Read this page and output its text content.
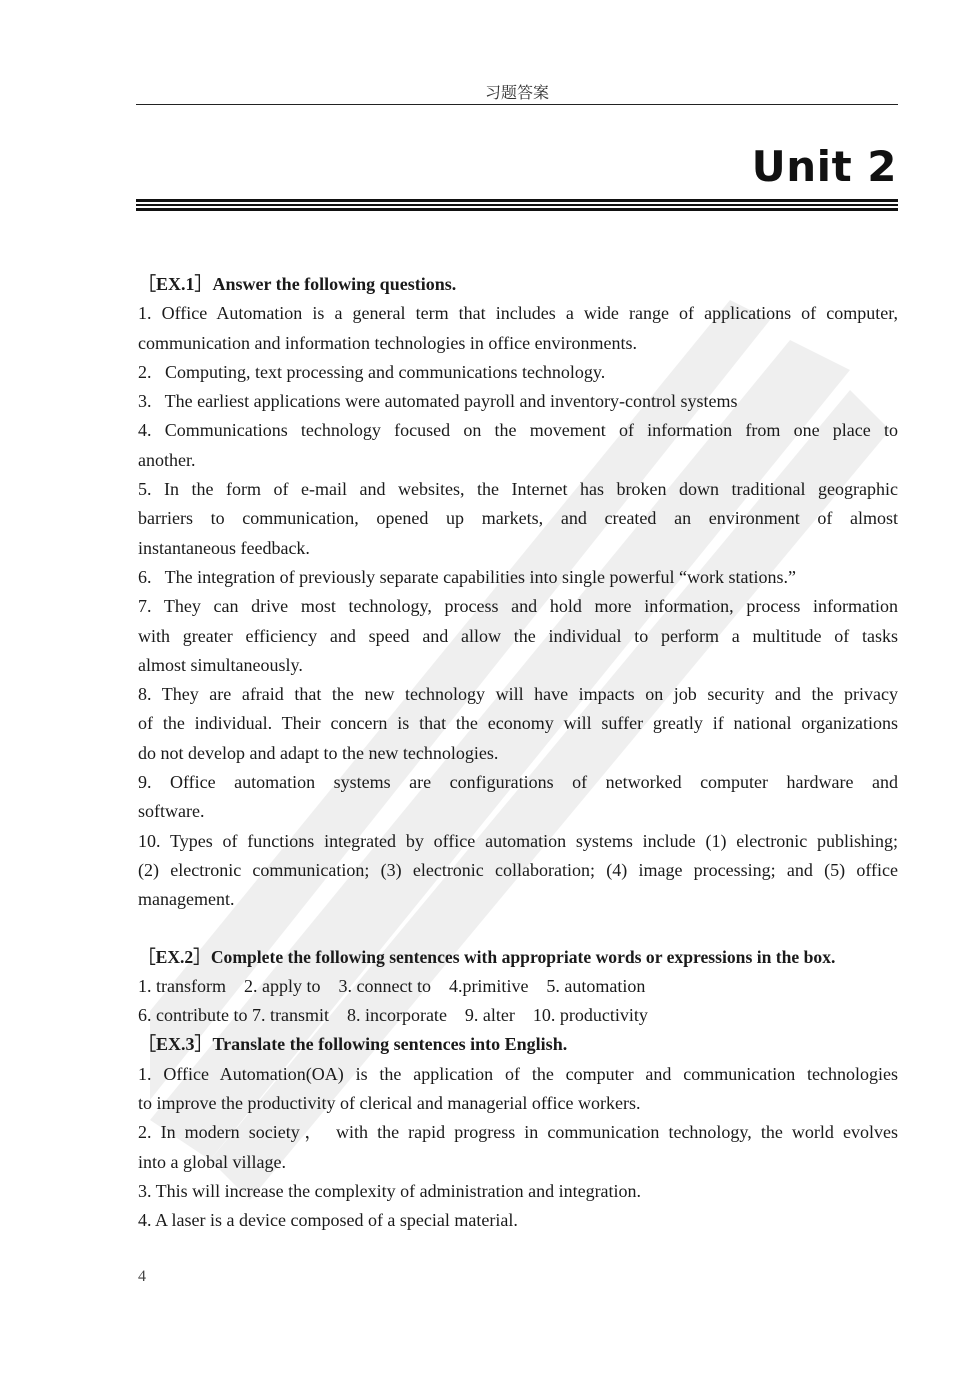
习题答案
Unit 2
［EX.1］Answer the following questions.
1. Office Automation is a general term that includes a wide range of applications of computer,
communication and information technologies in office environments.
2.   Computing, text processing and communications technology.
3.   The earliest applications were automated payroll and inventory-control systems
4. Communications technology focused on the movement of information from one place to
another.
5. In the form of e-mail and websites, the Internet has broken down traditional geographic
barriers to communication, opened up markets, and created an environment of almost
instantaneous feedback.
6.   The integration of previously separate capabilities into single powerful “work stations.”
7. They can drive most technology, process and hold more information, process information
with greater efficiency and speed and allow the individual to perform a multitude of tasks
almost simultaneously.
8. They are afraid that the new technology will have impacts on job security and the privacy
of the individual. Their concern is that the economy will suffer greatly if national organizations
do not develop and adapt to the new technologies.
9. Office automation systems are configurations of networked computer hardware and
software.
10. Types of functions integrated by office automation systems include (1) electronic publishing;
(2) electronic communication; (3) electronic collaboration; (4) image processing; and (5) office
management.
［EX.2］Complete the following sentences with appropriate words or expressions in the box.
1. transform    2. apply to    3. connect to    4.primitive    5. automation
6. contribute to 7. transmit    8. incorporate    9. alter    10. productivity
［EX.3］Translate the following sentences into English.
1. Office Automation(OA) is the application of the computer and communication technologies
to improve the productivity of clerical and managerial office workers.
2. In modern society， with the rapid progress in communication technology, the world evolves
into a global village.
3. This will increase the complexity of administration and integration.
4. A laser is a device composed of a special material.
4
